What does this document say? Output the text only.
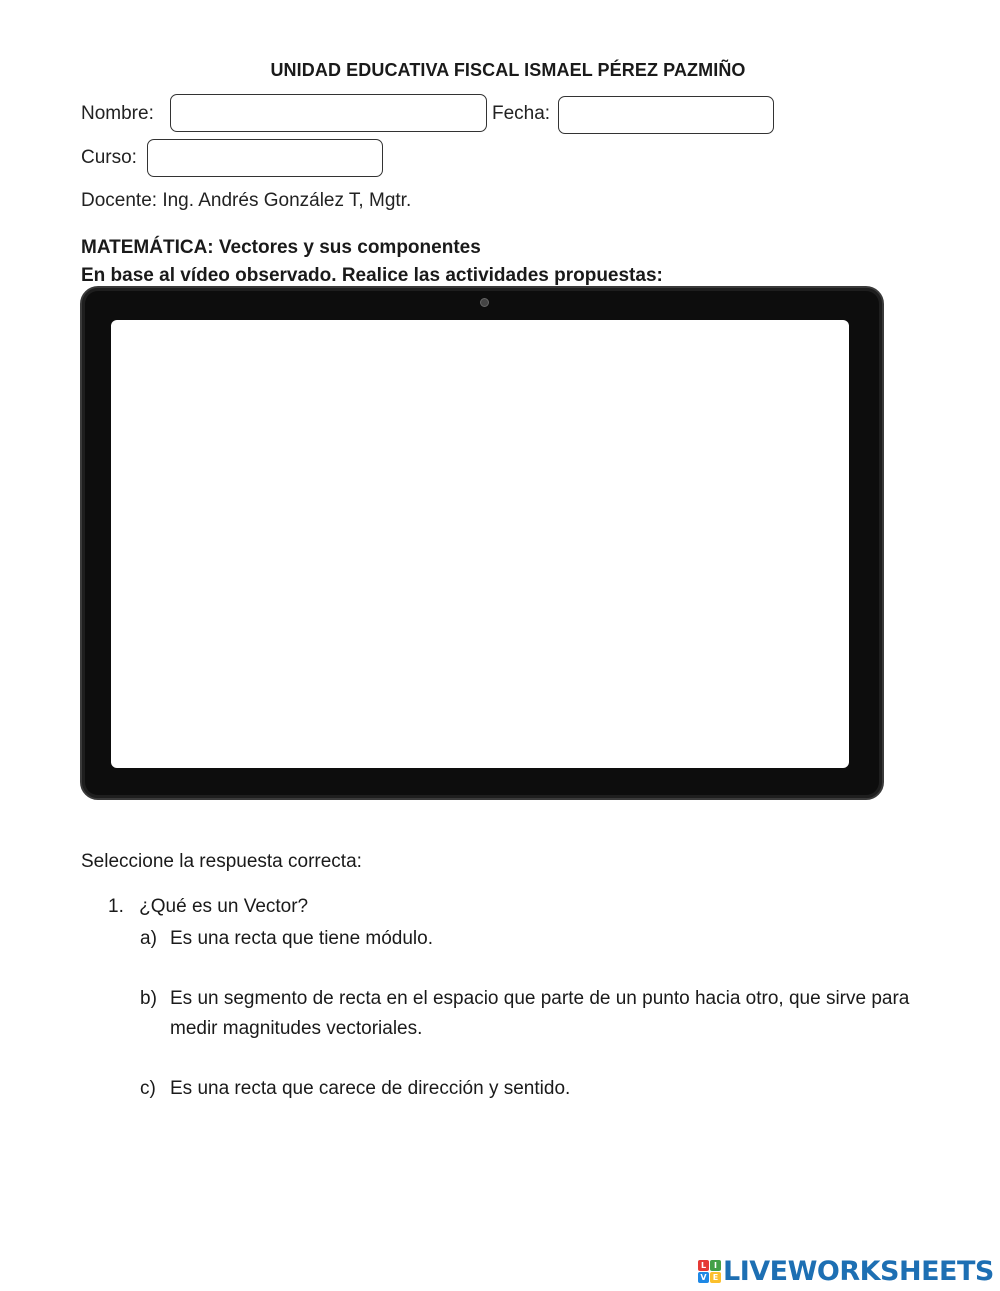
UNIDAD EDUCATIVA FISCAL ISMAEL PÉREZ PAZMIÑO
Nombre:	Fecha:
Curso:
Docente: Ing. Andrés González T, Mgtr.
MATEMÁTICA: Vectores y sus componentes
En base al vídeo observado. Realice las actividades propuestas:
Seleccione la respuesta correcta:
1. ¿Qué es un Vector?
a) Es una recta que tiene módulo.
b) Es un segmento de recta en el espacio que parte de un punto hacia otro, que sirve para medir magnitudes vectoriales.
c) Es una recta que carece de dirección y sentido.
L I
V E LIVEWORKSHEETS
